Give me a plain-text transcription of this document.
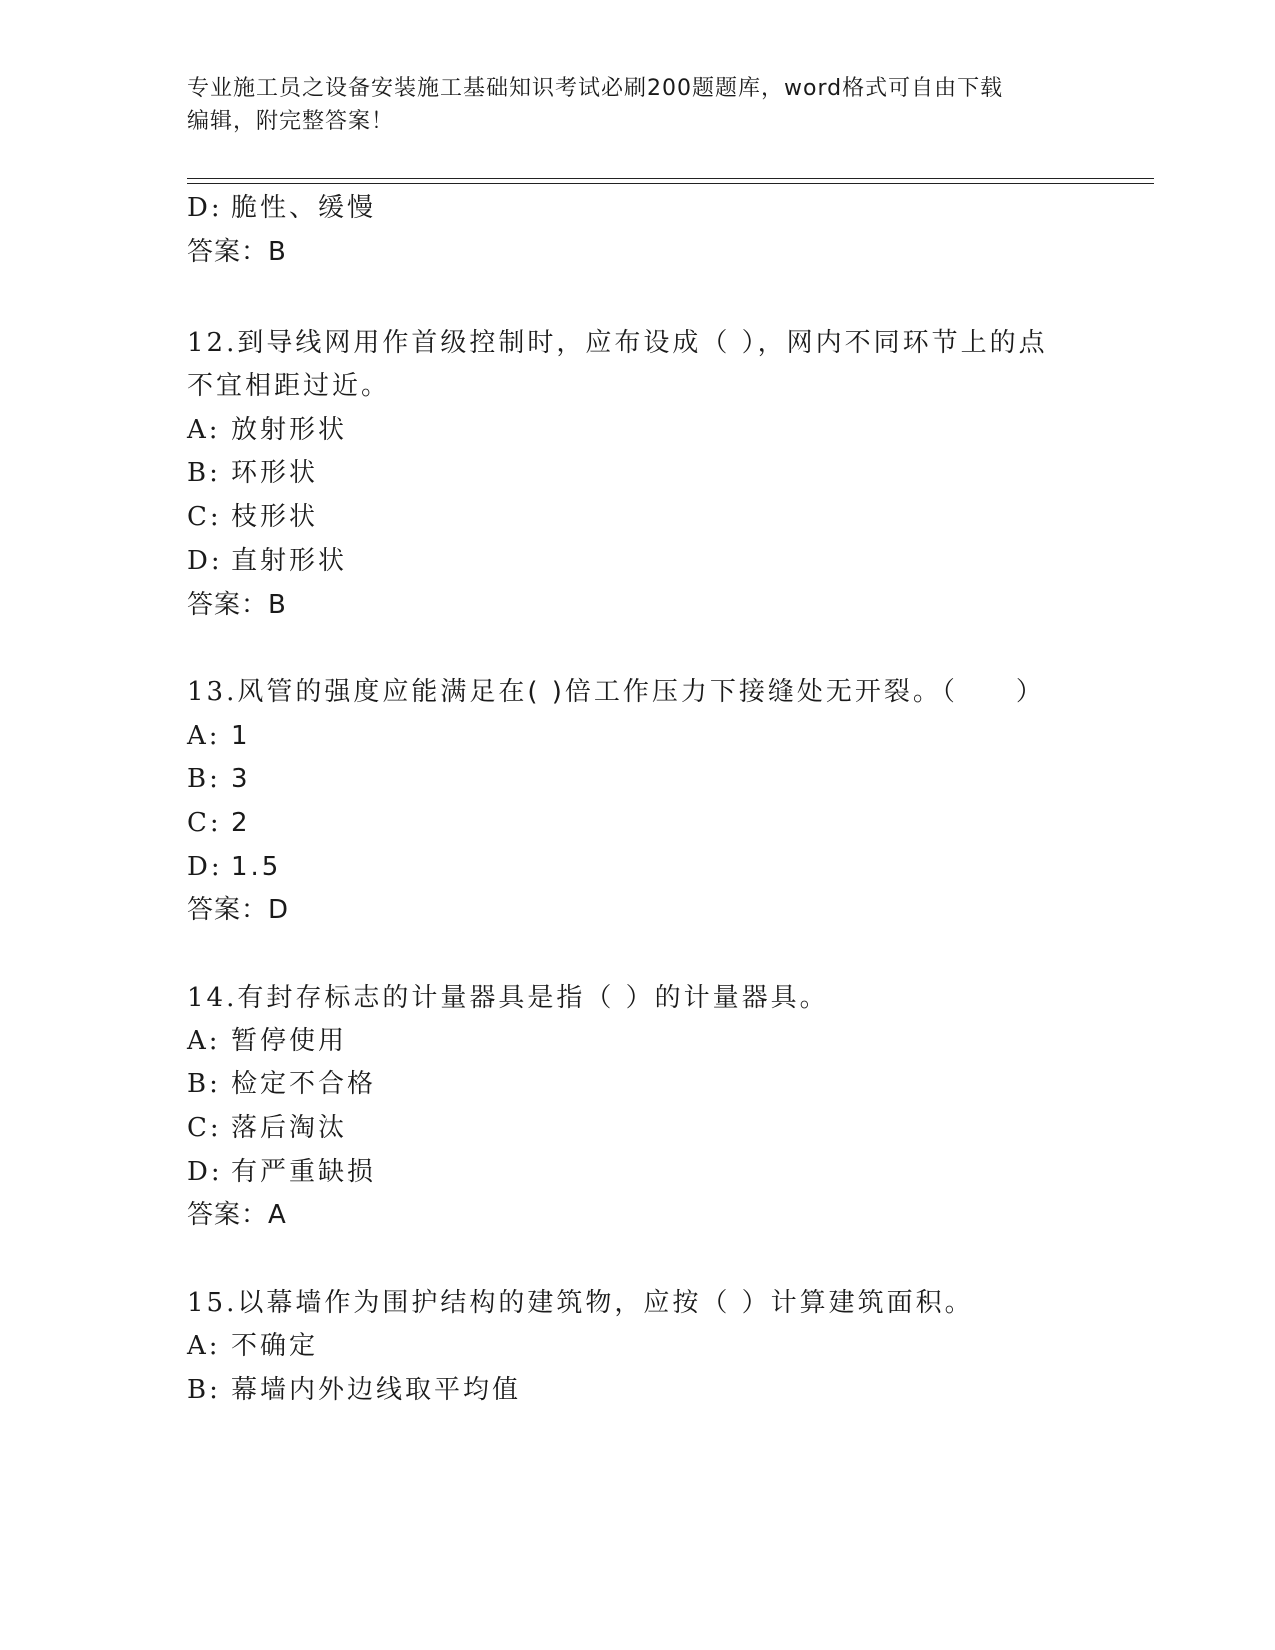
专业施工员之设备安装施工基础知识考试必刷200题题库，word格式可自由下载
编辑，附完整答案！
D: 脆性、缓慢
答案：B
12.到导线网用作首级控制时，应布设成（ ），网内不同环节上的点
不宜相距过近。
A: 放射形状
B: 环形状
C: 枝形状
D: 直射形状
答案：B
13.风管的强度应能满足在( )倍工作压力下接缝处无开裂。（　　）
A: 1
B: 3
C: 2
D: 1.5
答案：D
14.有封存标志的计量器具是指（ ）的计量器具。
A: 暂停使用
B: 检定不合格
C: 落后淘汰
D: 有严重缺损
答案：A
15.以幕墙作为围护结构的建筑物，应按（ ）计算建筑面积。
A: 不确定
B: 幕墙内外边线取平均值
